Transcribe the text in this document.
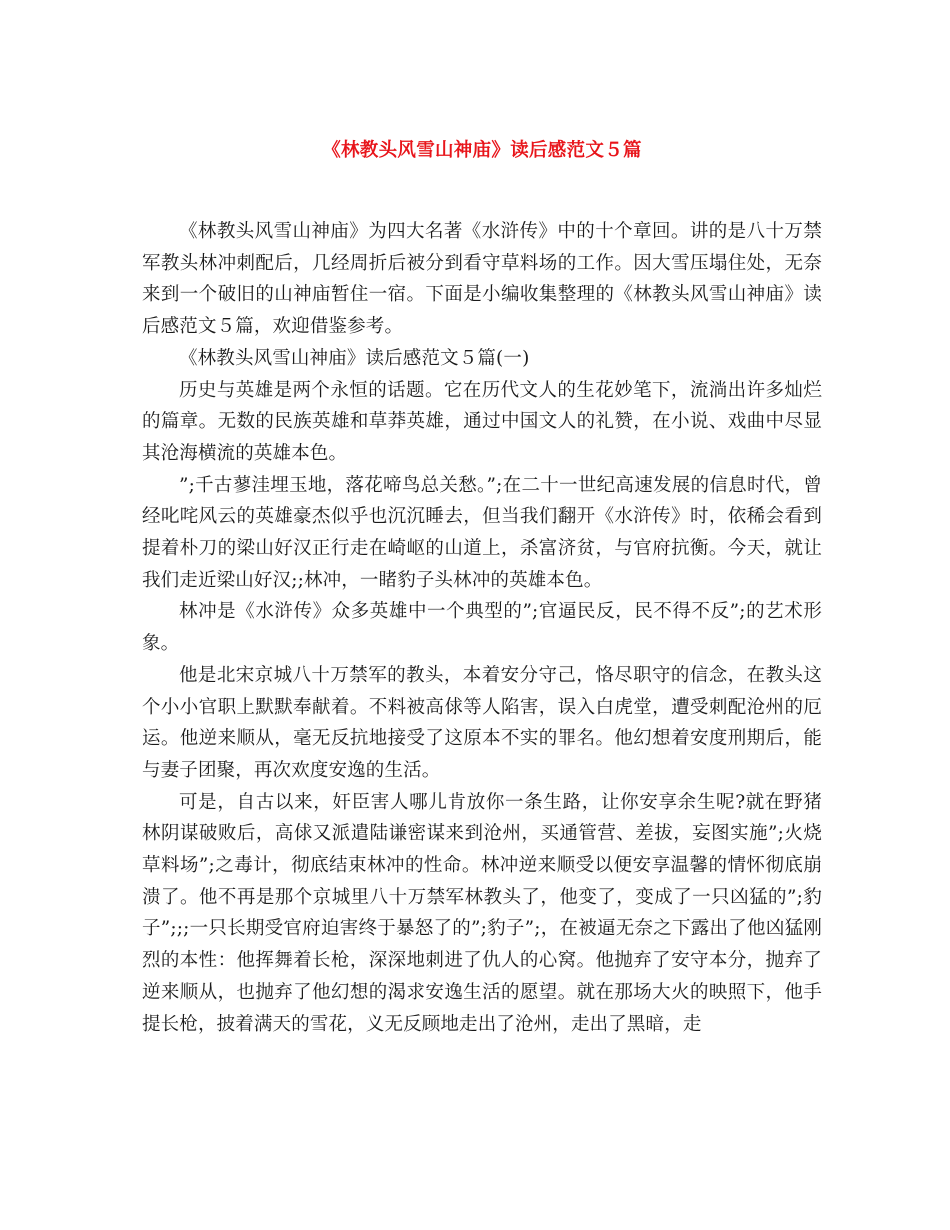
《林教头风雪山神庙》读后感范文５篇

《林教头风雪山神庙》为四大名著《水浒传》中的十个章回。讲的是八十万禁军教头林冲刺配后，几经周折后被分到看守草料场的工作。因大雪压塌住处，无奈来到一个破旧的山神庙暂住一宿。下面是小编收集整理的《林教头风雪山神庙》读后感范文５篇，欢迎借鉴参考。

《林教头风雪山神庙》读后感范文５篇(一)

历史与英雄是两个永恒的话题。它在历代文人的生花妙笔下，流淌出许多灿烂的篇章。无数的民族英雄和草莽英雄，通过中国文人的礼赞，在小说、戏曲中尽显其沧海横流的英雄本色。

”;千古蓼洼埋玉地，落花啼鸟总关愁。”;在二十一世纪高速发展的信息时代，曾经叱咤风云的英雄豪杰似乎也沉沉睡去，但当我们翻开《水浒传》时，依稀会看到提着朴刀的梁山好汉正行走在崎岖的山道上，杀富济贫，与官府抗衡。今天，就让我们走近梁山好汉;;林冲，一睹豹子头林冲的英雄本色。

林冲是《水浒传》众多英雄中一个典型的”;官逼民反，民不得不反”;的艺术形象。

他是北宋京城八十万禁军的教头，本着安分守己，恪尽职守的信念，在教头这个小小官职上默默奉献着。不料被高俅等人陷害，误入白虎堂，遭受刺配沧州的厄运。他逆来顺从，毫无反抗地接受了这原本不实的罪名。他幻想着安度刑期后，能与妻子团聚，再次欢度安逸的生活。

可是，自古以来，奸臣害人哪儿肯放你一条生路，让你安享余生呢?就在野猪林阴谋破败后，高俅又派遣陆谦密谋来到沧州，买通管营、差拔，妄图实施”;火烧草料场”;之毒计，彻底结束林冲的性命。林冲逆来顺受以便安享温馨的情怀彻底崩溃了。他不再是那个京城里八十万禁军林教头了，他变了，变成了一只凶猛的”;豹子”;;;一只长期受官府迫害终于暴怒了的”;豹子”;，在被逼无奈之下露出了他凶猛刚烈的本性：他挥舞着长枪，深深地刺进了仇人的心窝。他抛弃了安守本分，抛弃了逆来顺从，也抛弃了他幻想的渴求安逸生活的愿望。就在那场大火的映照下，他手提长枪，披着满天的雪花，义无反顾地走出了沧州，走出了黑暗，走
